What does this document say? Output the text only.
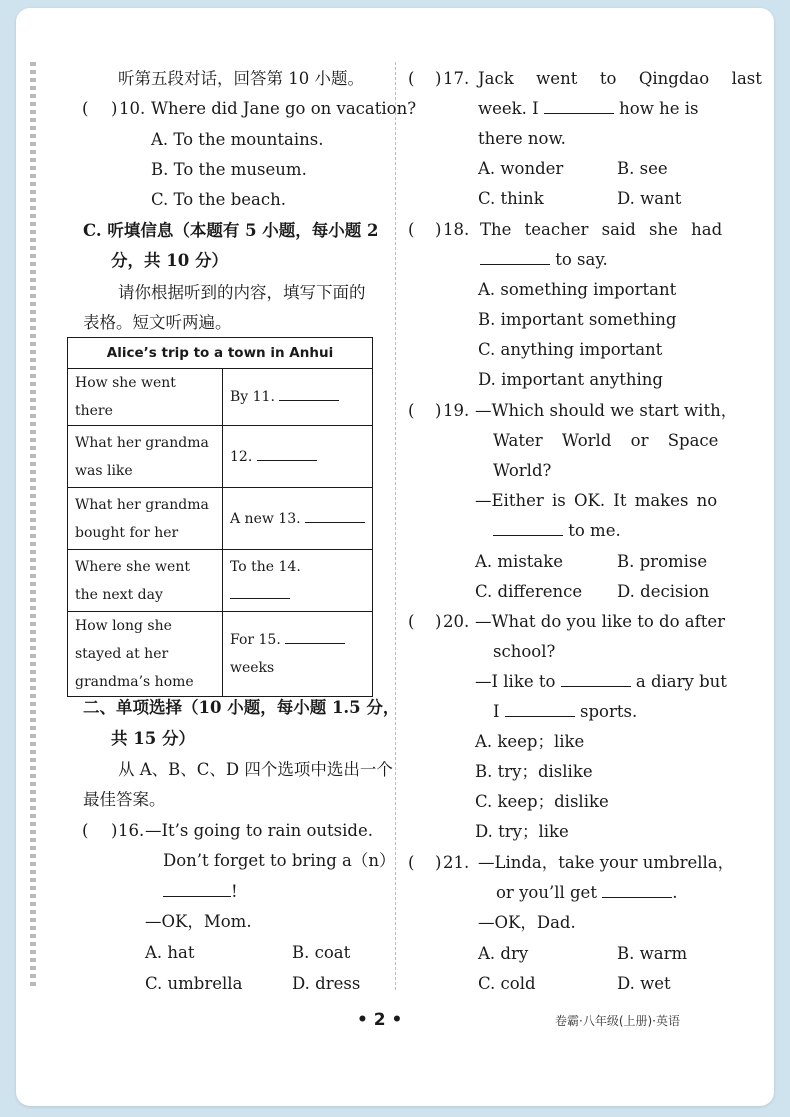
听第五段对话，回答第 10 小题。
( ) 10. Where did Jane go on vacation?
A. To the mountains.
B. To the museum.
C. To the beach.
C. 听填信息（本题有 5 小题，每小题 2
分，共 10 分）
请你根据听到的内容，填写下面的
表格。短文听两遍。
Alice’s trip to a town in Anhui	
How she went there	By 11.
What her grandma was like	12.
What her grandma bought for her	A new 13.
Where she went the next day	To the 14.
How long she stayed at her grandma’s home	For 15.
weeks
二、单项选择（10 小题，每小题 1.5 分，
共 15 分）
从 A、B、C、D 四个选项中选出一个
最佳答案。
( ) 16. —It’s going to rain outside.
Don’t forget to bring a（n）
!
—OK，Mom.
A. hat	B. coat
C. umbrella	D. dress
( ) 17. Jack  went  to  Qingdao  last
week. I	how he is
there now.
A. wonder	B. see
C. think	D. want
( ) 18. The teacher said she had
to say.
A. something important
B. important something
C. anything important
D. important anything
( ) 19. —Which should we start with，
Water World or Space
World?
—Either is OK. It makes no
to me.
A. mistake	B. promise
C. difference D. decision
( ) 20. —What do you like to do after
school?
—I like to	a diary but
I	sports.
A. keep；like
B. try；dislike
C. keep；dislike
D. try；like
( ) 21. —Linda，take your umbrella，
or you’ll get	.
—OK，Dad.
A. dry	B. warm
C. cold	D. wet
• 2 •	卷霸·八年级(上册)·英语
